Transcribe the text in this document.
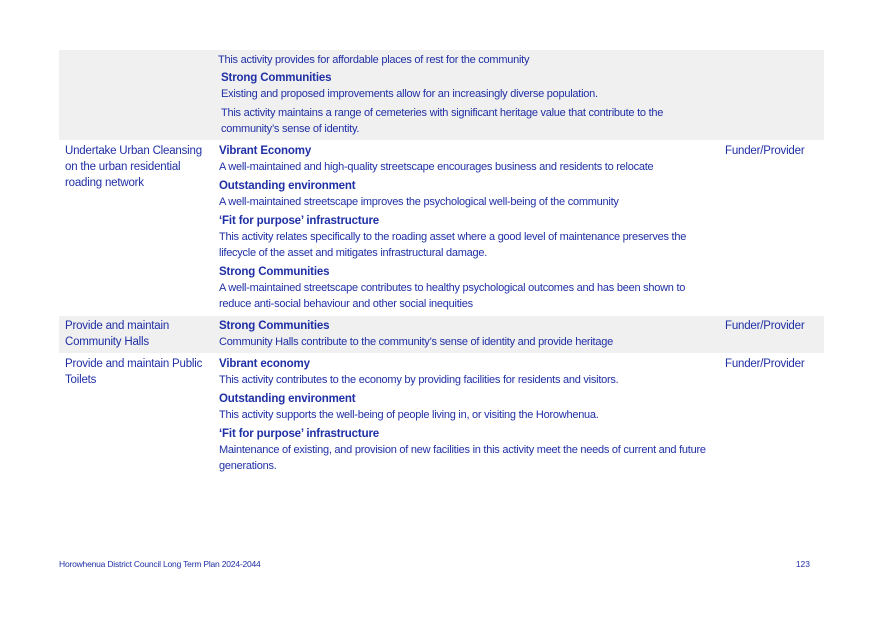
This activity provides for affordable places of rest for the community

Strong Communities

Existing and proposed improvements allow for an increasingly diverse population.

This activity maintains a range of cemeteries with significant heritage value that contribute to the community’s sense of identity.

Undertake Urban Cleansing on the urban residential roading network

Vibrant Economy

A well-maintained and high-quality streetscape encourages business and residents to relocate

Outstanding environment

A well-maintained streetscape improves the psychological well-being of the community

‘Fit for purpose’ infrastructure

This activity relates specifically to the roading asset where a good level of maintenance preserves the lifecycle of the asset and mitigates infrastructural damage.

Strong Communities

A well-maintained streetscape contributes to healthy psychological outcomes and has been shown to reduce anti-social behaviour and other social inequities

Funder/Provider
Provide and maintain Community Halls

Strong Communities

Community Halls contribute to the community’s sense of identity and provide heritage

Funder/Provider
Provide and maintain Public Toilets

Vibrant economy

This activity contributes to the economy by providing facilities for residents and visitors.

Outstanding environment

This activity supports the well-being of people living in, or visiting the Horowhenua.

‘Fit for purpose’ infrastructure

Maintenance of existing, and provision of new facilities in this activity meet the needs of current and future generations.

Funder/Provider
Horowhenua District Council Long Term Plan 2024-2044	123
